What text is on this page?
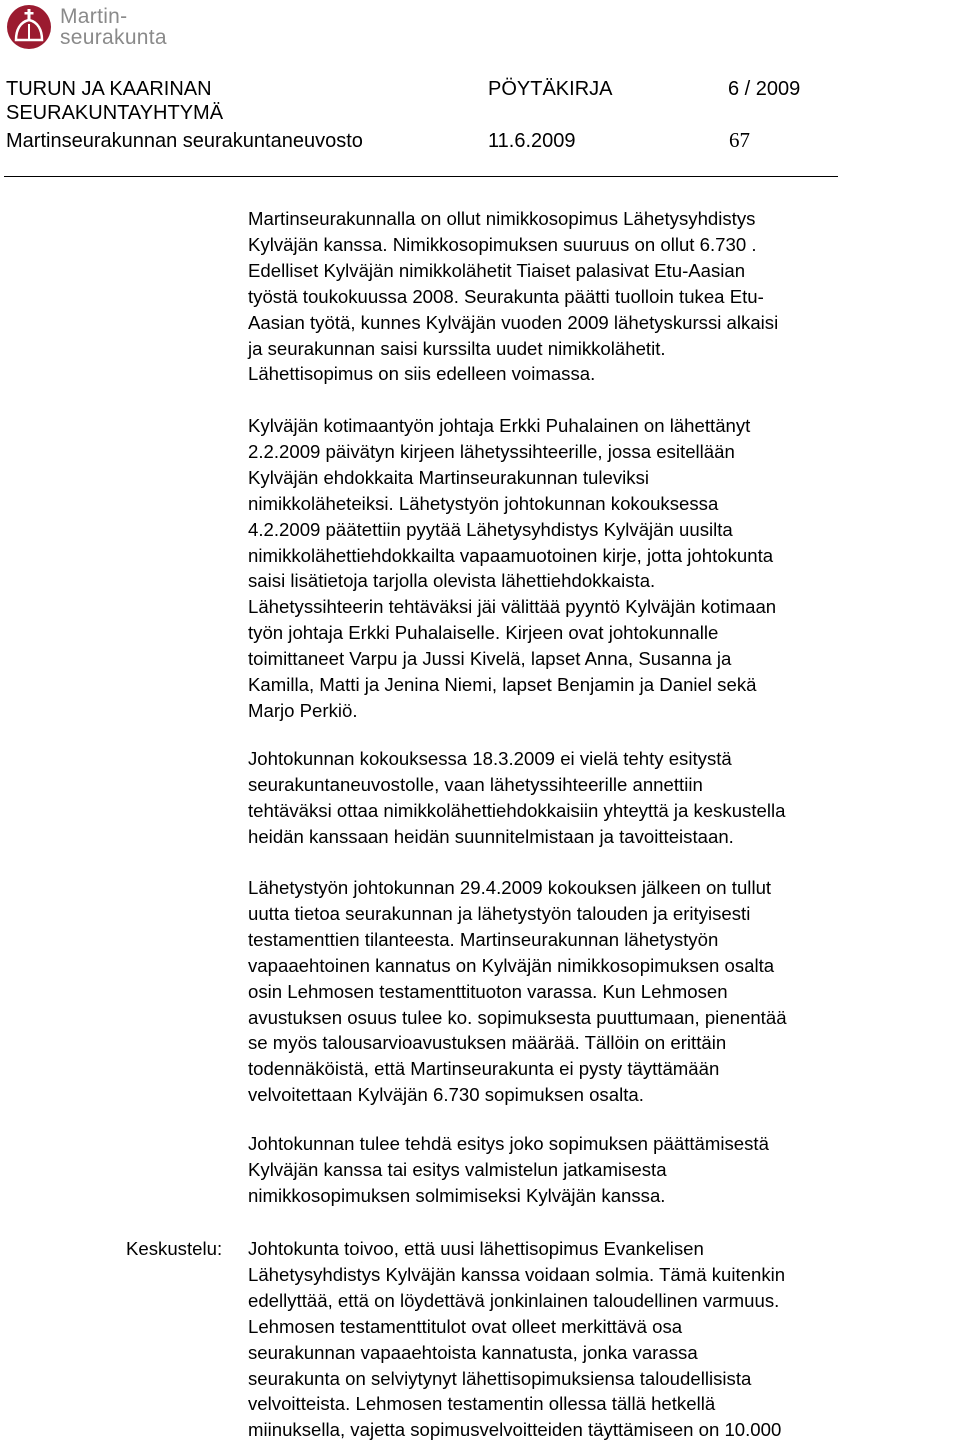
Martin-
seurakunta
TURUN JA KAARINAN
SEURAKUNTAYHTYMÄ
Martinseurakunnan seurakuntaneuvosto
PÖYTÄKIRJA	6 / 2009
11.6.2009	67

Martinseurakunnalla on ollut nimikkosopimus Lähetysyhdistys
Kylväjän kanssa. Nimikkosopimuksen suuruus on ollut 6.730 .
Edelliset Kylväjän nimikkolähetit Tiaiset palasivat Etu-Aasian
työstä toukokuussa 2008. Seurakunta päätti tuolloin tukea Etu-
Aasian työtä, kunnes Kylväjän vuoden 2009 lähetyskurssi alkaisi
ja seurakunnan saisi kurssilta uudet nimikkolähetit.
Lähettisopimus on siis edelleen voimassa.

Kylväjän kotimaantyön johtaja Erkki Puhalainen on lähettänyt
2.2.2009 päivätyn kirjeen lähetyssihteerille, jossa esitellään
Kylväjän ehdokkaita Martinseurakunnan tuleviksi
nimikkoläheteiksi. Lähetystyön johtokunnan kokouksessa
4.2.2009 päätettiin pyytää Lähetysyhdistys Kylväjän uusilta
nimikkolähettiehdokkailta vapaamuotoinen kirje, jotta johtokunta
saisi lisätietoja tarjolla olevista lähettiehdokkaista.
Lähetyssihteerin tehtäväksi jäi välittää pyyntö Kylväjän kotimaan
työn johtaja Erkki Puhalaiselle. Kirjeen ovat johtokunnalle
toimittaneet Varpu ja Jussi Kivelä, lapset Anna, Susanna ja
Kamilla, Matti ja Jenina Niemi, lapset Benjamin ja Daniel sekä
Marjo Perkiö.

Johtokunnan kokouksessa 18.3.2009 ei vielä tehty esitystä
seurakuntaneuvostolle, vaan lähetyssihteerille annettiin
tehtäväksi ottaa nimikkolähettiehdokkaisiin yhteyttä ja keskustella
heidän kanssaan heidän suunnitelmistaan ja tavoitteistaan.

Lähetystyön johtokunnan 29.4.2009 kokouksen jälkeen on tullut
uutta tietoa seurakunnan ja lähetystyön talouden ja erityisesti
testamenttien tilanteesta. Martinseurakunnan lähetystyön
vapaaehtoinen kannatus on Kylväjän nimikkosopimuksen osalta
osin Lehmosen testamenttituoton varassa. Kun Lehmosen
avustuksen osuus tulee ko. sopimuksesta puuttumaan, pienentää
se myös talousarvioavustuksen määrää. Tällöin on erittäin
todennäköistä, että Martinseurakunta ei pysty täyttämään
velvoitettaan Kylväjän 6.730 sopimuksen osalta.

Johtokunnan tulee tehdä esitys joko sopimuksen päättämisestä
Kylväjän kanssa tai esitys valmistelun jatkamisesta
nimikkosopimuksen solmimiseksi Kylväjän kanssa.

Keskustelu: Johtokunta toivoo, että uusi lähettisopimus Evankelisen
Lähetysyhdistys Kylväjän kanssa voidaan solmia. Tämä kuitenkin
edellyttää, että on löydettävä jonkinlainen taloudellinen varmuus.
Lehmosen testamenttitulot ovat olleet merkittävä osa
seurakunnan vapaaehtoista kannatusta, jonka varassa
seurakunta on selviytynyt lähettisopimuksiensa taloudellisista
velvoitteista. Lehmosen testamentin ollessa tällä hetkellä
miinuksella, vajetta sopimusvelvoitteiden täyttämiseen on 10.000
